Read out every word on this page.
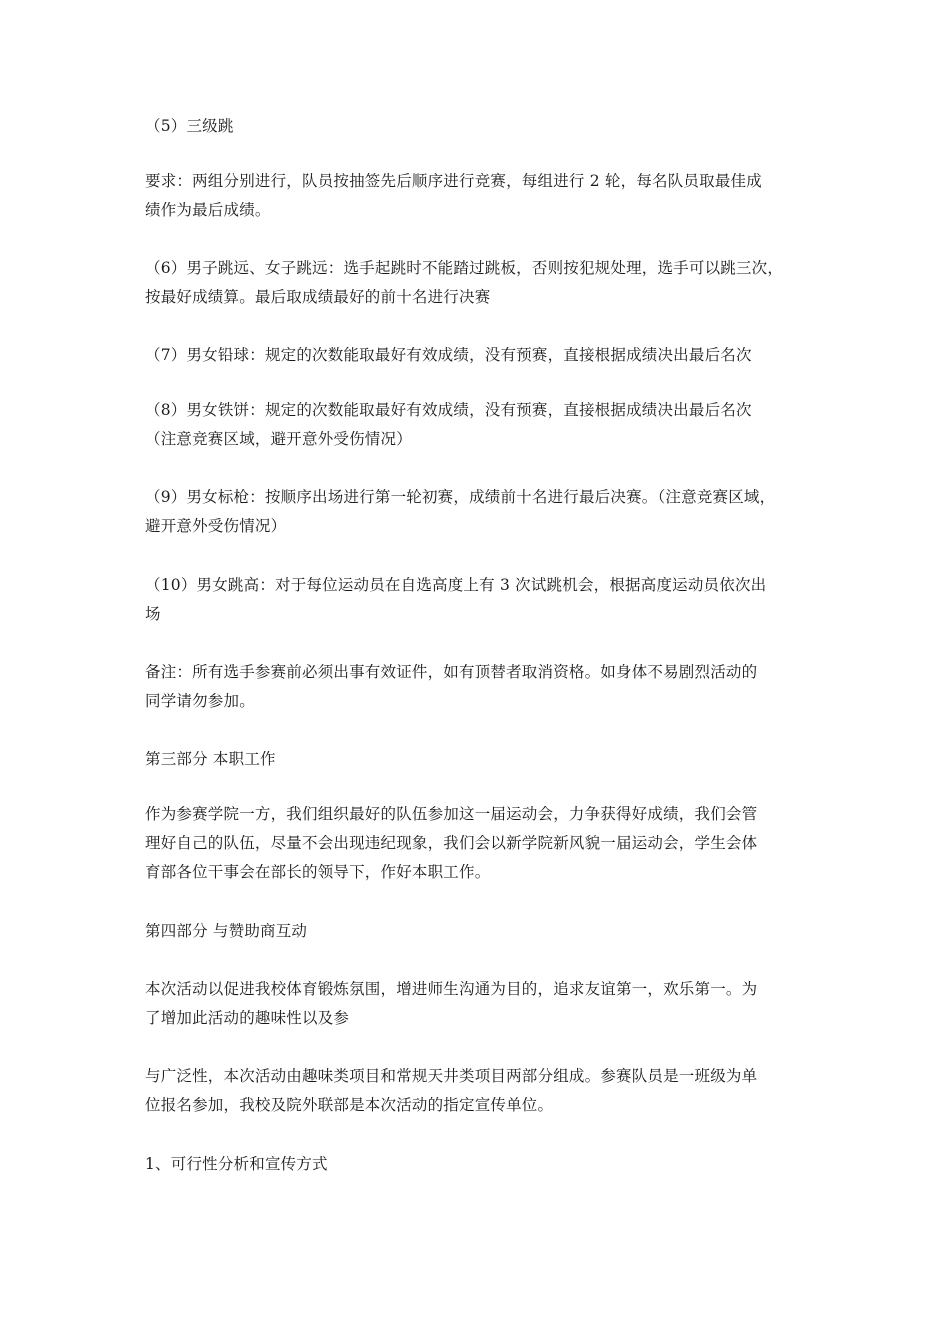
（5）三级跳
要求：两组分别进行，队员按抽签先后顺序进行竞赛，每组进行 2 轮，每名队员取最佳成
绩作为最后成绩。
（6）男子跳远、女子跳远：选手起跳时不能踏过跳板，否则按犯规处理，选手可以跳三次，
按最好成绩算。最后取成绩最好的前十名进行决赛
（7）男女铅球：规定的次数能取最好有效成绩，没有预赛，直接根据成绩决出最后名次
（8）男女铁饼：规定的次数能取最好有效成绩，没有预赛，直接根据成绩决出最后名次
（注意竞赛区域，避开意外受伤情况）
（9）男女标枪：按顺序出场进行第一轮初赛，成绩前十名进行最后决赛。（注意竞赛区域，
避开意外受伤情况）
（10）男女跳高：对于每位运动员在自选高度上有 3 次试跳机会，根据高度运动员依次出
场
备注：所有选手参赛前必须出事有效证件，如有顶替者取消资格。如身体不易剧烈活动的
同学请勿参加。
第三部分 本职工作
作为参赛学院一方，我们组织最好的队伍参加这一届运动会，力争获得好成绩，我们会管
理好自己的队伍，尽量不会出现违纪现象，我们会以新学院新风貌一届运动会，学生会体
育部各位干事会在部长的领导下，作好本职工作。
第四部分 与赞助商互动
本次活动以促进我校体育锻炼氛围，增进师生沟通为目的，追求友谊第一，欢乐第一。为
了增加此活动的趣味性以及参
与广泛性，本次活动由趣味类项目和常规天井类项目两部分组成。参赛队员是一班级为单
位报名参加，我校及院外联部是本次活动的指定宣传单位。
1、可行性分析和宣传方式
